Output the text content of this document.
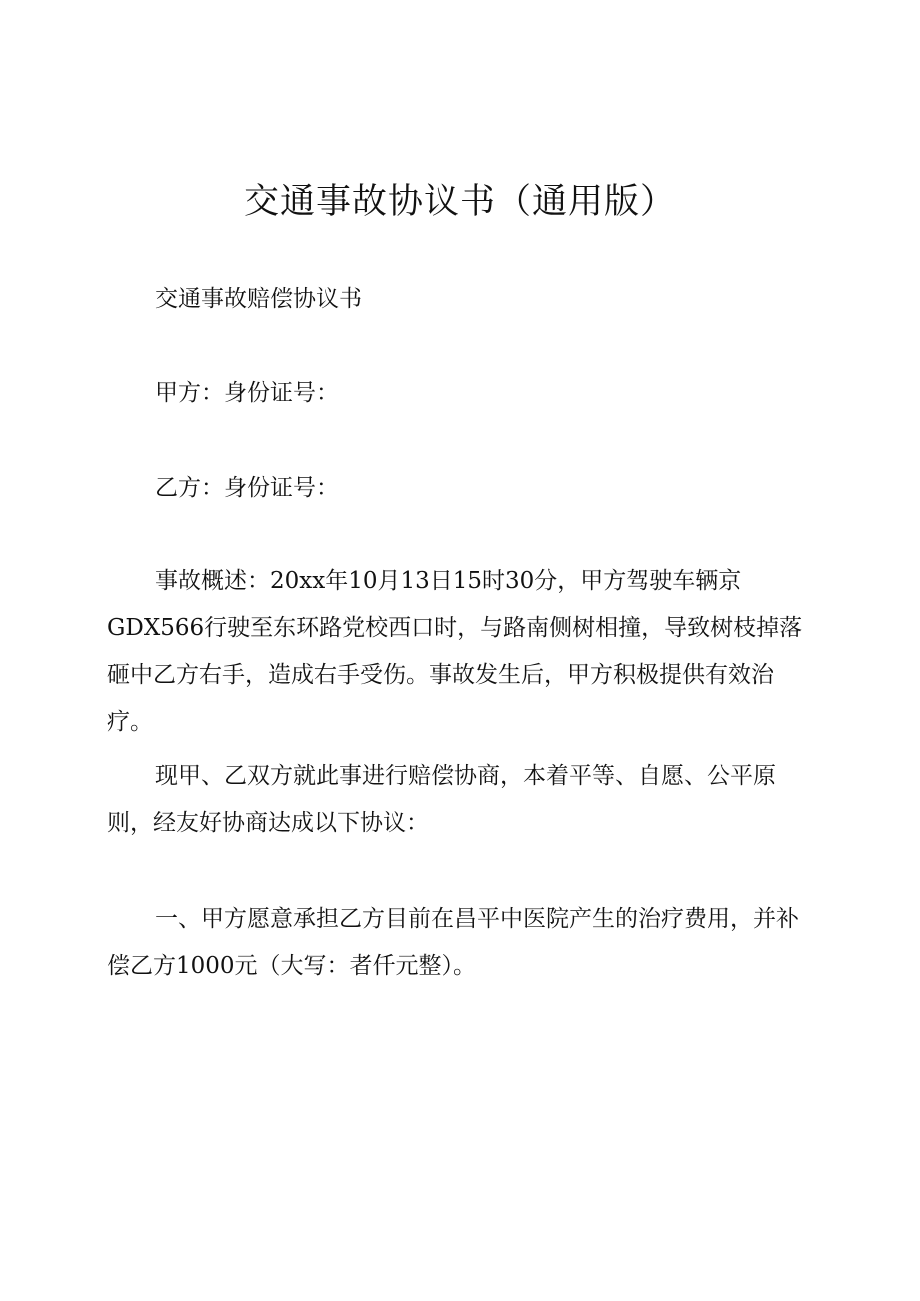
交通事故协议书（通用版）

交通事故赔偿协议书

甲方：身份证号：

乙方：身份证号：

事故概述：20xx年10月13日15时30分，甲方驾驶车辆京GDX566行驶至东环路党校西口时，与路南侧树相撞，导致树枝掉落砸中乙方右手，造成右手受伤。事故发生后，甲方积极提供有效治疗。

现甲、乙双方就此事进行赔偿协商，本着平等、自愿、公平原则，经友好协商达成以下协议：

一、甲方愿意承担乙方目前在昌平中医院产生的治疗费用，并补偿乙方1000元（大写：者仟元整）。
